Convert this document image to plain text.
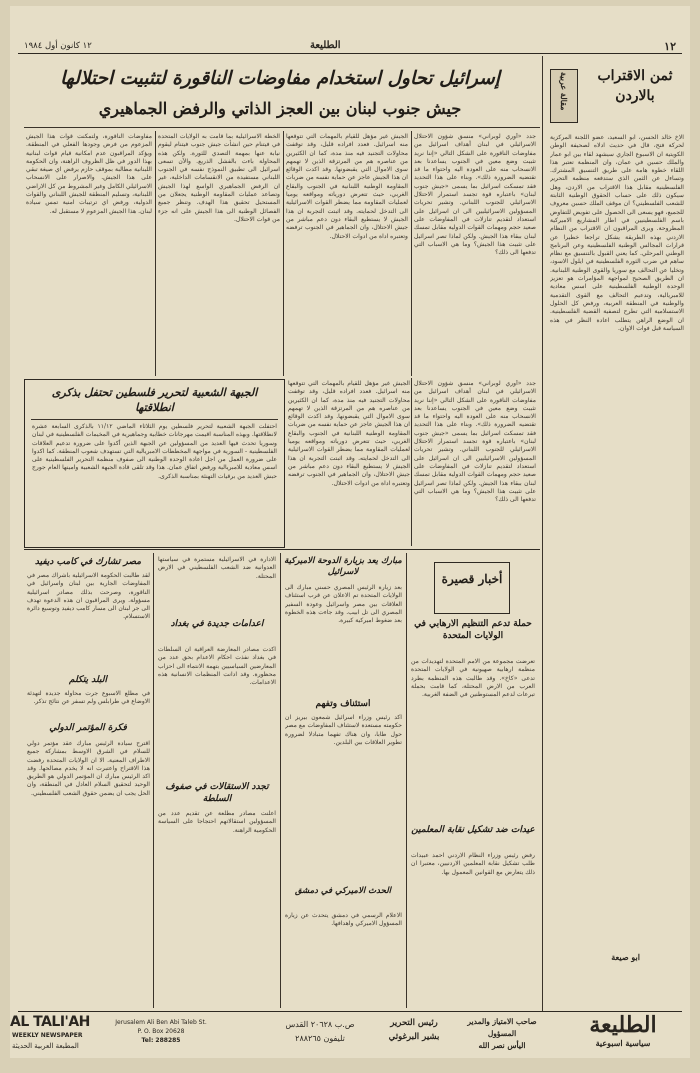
١٢
الطليعة
١٢ كانون أول ١٩٨٤
مقالة عربية	ثمن الاقتراب بالاردن
الاخ خالد الحسن، ابو السعيد، عضو اللجنة المركزية لحركة فتح، قال في حديث ادلاه لصحيفة الوطن الكويتية ان الاسبوع الجاري سيشهد لقاء بين ابو عمار والملك حسين في عمان، وان المنظمة تعتبر هذا اللقاء خطوة هامة على طريق التنسيق المشترك. وتساءل عن الثمن الذي ستدفعه منظمة التحرير الفلسطينية مقابل هذا الاقتراب من الاردن، وهل سيكون ذلك على حساب الحقوق الوطنية الثابتة للشعب الفلسطيني؟ ان موقف الملك حسين معروف للجميع، فهو يسعى الى الحصول على تفويض للتفاوض باسم الفلسطينيين في اطار المشاريع الاميركية المطروحة. ويرى المراقبون ان الاقتراب من النظام الاردني بهذه الطريقة يشكل تراجعا خطيرا عن قرارات المجالس الوطنية الفلسطينية وعن البرنامج الوطني المرحلي. كما يعني القبول بالتنسيق مع نظام ساهم في ضرب الثورة الفلسطينية في ايلول الاسود، وتخليا عن التحالف مع سوريا والقوى الوطنية اللبنانية. ان الطريق الصحيح لمواجهة المؤامرات هو تعزيز الوحدة الوطنية الفلسطينية على اسس معادية للامبريالية، وتدعيم التحالف مع القوى التقدمية والوطنية في المنطقة العربية، ورفض كل الحلول الاستسلامية التي تطرح لتصفية القضية الفلسطينية. ان الوضع الراهن يتطلب اعادة النظر في هذه السياسة قبل فوات الاوان.
ابو صيعة
إسرائيل تحاول استخدام مفاوضات الناقورة لتثبيت احتلالها
جيش جنوب لبنان بين العجز الذاتي والرفض الجماهيري
جدد «أوري لوبراني» منسق شؤون الاحتلال الاسرائيلي في لبنان أهداف اسرائيل من مفاوضات الناقورة على الشكل التالي «إننا نريد تثبيت وضع معين في الجنوب يساعدنا بعد الانسحاب منه على العودة اليه واحتواء ما قد تقتضيه الضرورة ذلك». وبناء على هذا التحديد فقد تمسكت اسرائيل بما يسمى «جيش جنوب لبنان» باعتباره قوة تجسد استمرار الاحتلال الاسرائيلي للجنوب اللبناني. وتشير تحريات المسؤولين الاسرائيليين الى ان اسرائيل على استعداد لتقديم تنازلات في المفاوضات على صعيد حجم ومهمات القوات الدولية مقابل تمسك لبنان ببقاء هذا الجيش. ولكن لماذا تصر اسرائيل على تثبيت هذا الجيش؟ وما هي الاسباب التي تدفعها الى ذلك؟
الجيش غير مؤهل للقيام بالمهمات التي تتوقعها منه اسرائيل. فعدد افراده قليل، وقد توقفت محاولات التجنيد فيه منذ مدة، كما ان الكثيرين من عناصره هم من المرتزقة الذين لا تهمهم سوى الاموال التي يقبضونها. وقد اكدت الوقائع ان هذا الجيش عاجز عن حماية نفسه من ضربات المقاومة الوطنية اللبنانية في الجنوب والبقاع الغربي، حيث تتعرض دورياته ومواقعه يوميا لعمليات المقاومة مما يضطر القوات الاسرائيلية الى التدخل لحمايته. وقد اثبتت التجربة ان هذا الجيش لا يستطيع البقاء دون دعم مباشر من جيش الاحتلال، وان الجماهير في الجنوب ترفضه وتعتبره اداة من ادوات الاحتلال.
الخطة الاسرائيلية بما قامت به الولايات المتحدة في فيتنام حين انشأت جيش جنوب فيتنام ليقوم نيابة عنها بمهمة التصدي للثورة. ولكن هذه المحاولة باءت بالفشل الذريع. والآن تسعى اسرائيل الى تطبيق النموذج نفسه في الجنوب اللبناني مستفيدة من الانقسامات الداخلية، غير ان الرفض الجماهيري الواسع لهذا الجيش وتصاعد عمليات المقاومة الوطنية يجعلان من المستحيل تحقيق هذا الهدف. وتنظر جميع الفصائل الوطنية الى هذا الجيش على انه جزء من قوات الاحتلال.
مفاوضات الناقورة، ولتمكنت قوات هذا الجيش المزعوم من فرض وجودها الفعلي في المنطقة. ويؤكد المراقبون عدم امكانية قيام قوات لبنانية بهذا الدور في ظل الظروف الراهنة، وان الحكومة اللبنانية مطالبة بموقف حازم يرفض اي صيغة تبقي على هذا الجيش. والاصرار على الانسحاب الاسرائيلي الكامل وغير المشروط من كل الاراضي اللبنانية، وتسليم المنطقة للجيش اللبناني والقوات الدولية، ورفض اي ترتيبات امنية تمس سيادة لبنان. هذا الجيش المزعوم لا مستقبل له.
الجبهة الشعبية لتحرير فلسطين تحتفل بذكرى انطلاقتها
احتفلت الجبهة الشعبية لتحرير فلسطين يوم الثلاثاء الماضي ١١/١٢ بالذكرى السابعة عشرة لانطلاقتها. وبهذه المناسبة اقيمت مهرجانات خطابية وجماهيرية في المخيمات الفلسطينية في لبنان وسوريا تحدث فيها العديد من المسؤولين عن الجبهة الذين أكدوا على ضرورة تدعيم العلاقات الفلسطينية - السورية في مواجهة المخططات الامبريالية التي تستهدف شعوب المنطقة. كما اكدوا على ضرورة العمل من اجل اعادة الوحدة الوطنية الى صفوف منظمة التحرير الفلسطينية على اسس معادية للامبريالية ورفض اتفاق عمان. هذا وقد تلقى قادة الجبهة الشعبية وامينها العام جورج حبش العديد من برقيات التهنئة بمناسبة الذكرى.
الجيش غير مؤهل للقيام بالمهمات التي تتوقعها منه اسرائيل. فعدد افراده قليل، وقد توقفت محاولات التجنيد فيه منذ مدة، كما ان الكثيرين من عناصره هم من المرتزقة الذين لا تهمهم سوى الاموال التي يقبضونها. وقد اكدت الوقائع ان هذا الجيش عاجز عن حماية نفسه من ضربات المقاومة الوطنية اللبنانية في الجنوب والبقاع الغربي، حيث تتعرض دورياته ومواقعه يوميا لعمليات المقاومة مما يضطر القوات الاسرائيلية الى التدخل لحمايته. وقد اثبتت التجربة ان هذا الجيش لا يستطيع البقاء دون دعم مباشر من جيش الاحتلال، وان الجماهير في الجنوب ترفضه وتعتبره اداة من ادوات الاحتلال.
جدد «أوري لوبراني» منسق شؤون الاحتلال الاسرائيلي في لبنان أهداف اسرائيل من مفاوضات الناقورة على الشكل التالي «إننا نريد تثبيت وضع معين في الجنوب يساعدنا بعد الانسحاب منه على العودة اليه واحتواء ما قد تقتضيه الضرورة ذلك». وبناء على هذا التحديد فقد تمسكت اسرائيل بما يسمى «جيش جنوب لبنان» باعتباره قوة تجسد استمرار الاحتلال الاسرائيلي للجنوب اللبناني. وتشير تحريات المسؤولين الاسرائيليين الى ان اسرائيل على استعداد لتقديم تنازلات في المفاوضات على صعيد حجم ومهمات القوات الدولية مقابل تمسك لبنان ببقاء هذا الجيش. ولكن لماذا تصر اسرائيل على تثبيت هذا الجيش؟ وما هي الاسباب التي تدفعها الى ذلك؟
أخبار قصيرة
حملة تدعم التنظيم الارهابي في الولايات المتحدة
تعرضت مجموعة من الامم المتحدة لتهديدات من منظمة ارهابية صهيونية في الولايات المتحدة تدعى «كاخ». وقد طالبت هذه المنظمة بطرد العرب من الارض المحتلة، كما قامت بحملة تبرعات لدعم المستوطنين في الضفة الغربية.
عيدات ضد تشكيل نقابة المعلمين
رفض رئيس وزراء النظام الاردني احمد عبيدات طلب تشكيل نقابة المعلمين الاردنيين، معتبرا ان ذلك يتعارض مع القوانين المعمول بها.
مبارك يعد بزيارة الدوحة الاميركية لاسرائيل
بعد زيارة الرئيس المصري حسني مبارك الى الولايات المتحدة تم الاعلان عن قرب استئناف العلاقات بين مصر واسرائيل وعودة السفير المصري الى تل ابيب. وقد جاءت هذه الخطوة بعد ضغوط اميركية كبيرة.
استئناف وتفهم
اكد رئيس وزراء اسرائيل شمعون بيريز ان حكومته مستعدة لاستئناف المفاوضات مع مصر حول طابا، وان هناك تفهما متبادلا لضرورة تطوير العلاقات بين البلدين.
الحدث الاميركي في دمشق
الاعلام الرسمي في دمشق يتحدث عن زيارة المسؤول الاميركي واهدافها.
الادارة في الاسرائيلية مستمرة في سياستها العدوانية ضد الشعب الفلسطيني في الارض المحتلة.
اعدامات جديدة في بغداد
اكدت مصادر المعارضة العراقية ان السلطات في بغداد نفذت احكام الاعدام بحق عدد من المعارضين السياسيين بتهمة الانتماء الى احزاب محظورة. وقد ادانت المنظمات الانسانية هذه الاعدامات.
تجدد الاستقالات في صفوف السلطة
اعلنت مصادر مطلعة عن تقديم عدد من المسؤولين استقالاتهم احتجاجا على السياسة الحكومية الراهنة.
مصر تشارك في كامب ديفيد
لقد طالبت الحكومة الاسرائيلية باشراك مصر في المفاوضات الجارية بين لبنان واسرائيل في الناقورة، وصرحت بذلك مصادر اسرائيلية مسؤولة. ويرى المراقبون ان هذه الدعوة تهدف الى جر لبنان الى مسار كامب ديفيد وتوسيع دائرة الاستسلام.
البلد يتكلم
في مطلع الاسبوع جرت محاولة جديدة لتهدئة الاوضاع في طرابلس ولم تسفر عن نتائج تذكر.
فكرة المؤتمر الدولي
اقترح سيادة الرئيس مبارك عقد مؤتمر دولي للسلام في الشرق الاوسط بمشاركة جميع الاطراف المعنية. الا ان الولايات المتحدة رفضت هذا الاقتراح واعتبرت انه لا يخدم مصالحها. وقد اكد الرئيس مبارك ان المؤتمر الدولي هو الطريق الوحيد لتحقيق السلام العادل في المنطقة، وان الحل يجب ان يضمن حقوق الشعب الفلسطيني.
AL TALI'AH
WEEKLY NEWSPAPER
المطبعة العربية الحديثة
Jerusalem Ali Ben Abi Taleb St.
P. O. Box 20628
Tel: 288285
ص.ب ٢٠٦٢٨ القدس
تليفون ٢٨٨٢٦٥
رئيس التحرير
بشير البرغوثي
صاحب الامتياز والمدير المسؤول
اليأس نصر الله
الطليعة
سياسية اسبوعية
